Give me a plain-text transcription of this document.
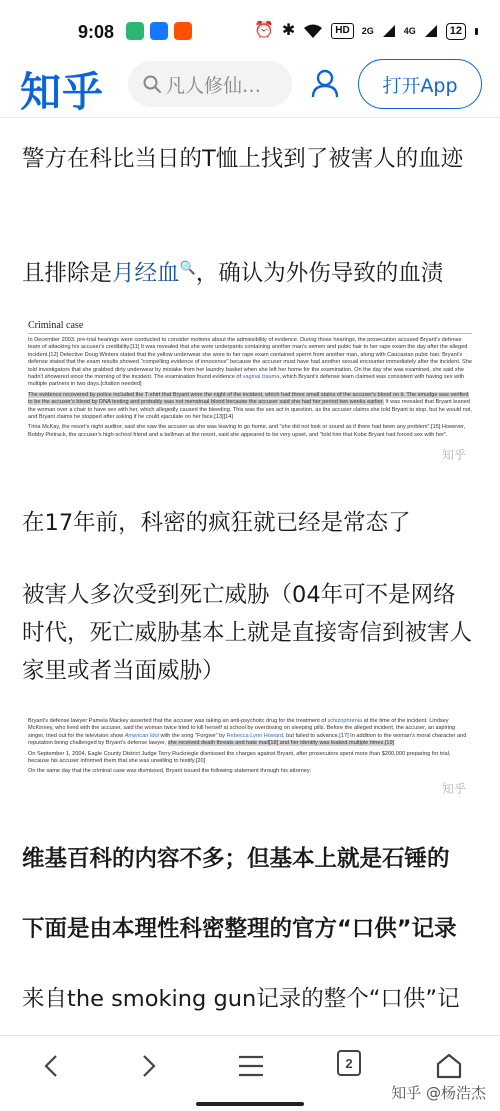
9:08	⏰ ✱	HD	2G	4G	12
知乎	凡人修仙…	打开App

警方在科比当日的T恤上找到了被害人的血迹

且排除是月经血🔍，确认为外伤导致的血渍

Criminal case

In December 2003, pre-trial hearings were conducted to consider motions about the admissibility of evidence. During those hearings, the prosecution accused Bryant's defense team of attacking his accuser's credibility.[11] It was revealed that she wore underpants containing another man's semen and pubic hair to her rape exam the day after the alleged incident.[12] Detective Doug Winters stated that the yellow underwear she wore to her rape exam contained sperm from another man, along with Caucasian pubic hair. Bryant's defense stated that the exam results showed "compelling evidence of innocence" because the accuser must have had another sexual encounter immediately after the incident. She told investigators that she grabbed dirty underwear by mistake from her laundry basket when she left her home for the examination. On the day she was examined, she said she hadn't showered since the morning of the incident. The examination found evidence of vaginal trauma, which Bryant's defense team claimed was consistent with having sex with multiple partners in two days.[citation needed]

The evidence recovered by police included the T-shirt that Bryant wore the night of the incident, which had three small stains of the accuser's blood on it. The smudge was verified to be the accuser's blood by DNA testing and probably was not menstrual blood because the accuser said she had her period two weeks earlier. It was revealed that Bryant leaned the woman over a chair to have sex with her, which allegedly caused the bleeding. This was the sex act in question, as the accuser claims she told Bryant to stop, but he would not, and Bryant claims he stopped after asking if he could ejaculate on her face.[13][14]

Trina McKay, the resort's night auditor, said she saw the accuser as she was leaving to go home, and "she did not look or sound as if there had been any problem".[15] However, Bobby Pietrack, the accuser's high-school friend and a bellman at the resort, said she appeared to be very upset, and "told him that Kobe Bryant had forced sex with her".

知乎

在17年前，科密的疯狂就已经是常态了

被害人多次受到死亡威胁（04年可不是网络时代，死亡威胁基本上就是直接寄信到被害人家里或者当面威胁）

Bryant's defense lawyer Pamela Mackey asserted that the accuser was taking an anti-psychotic drug for the treatment of schizophrenia at the time of the incident. Lindsey McKinney, who lived with the accuser, said the woman twice tried to kill herself at school by overdosing on sleeping pills. Before the alleged incident, the accuser, an aspiring singer, tried out for the television show American Idol with the song "Forgive" by Rebecca Lynn Howard, but failed to advance.[17] In addition to the woman's moral character and reputation being challenged by Bryant's defense lawyer, she received death threats and hate mail[18] and her identity was leaked multiple times.[19]

On September 1, 2004, Eagle County District Judge Terry Ruckriegle dismissed the charges against Bryant, after prosecutors spent more than $200,000 preparing for trial, because his accuser informed them that she was unwilling to testify.[20]

On the same day that the criminal case was dismissed, Bryant issued the following statement through his attorney:

知乎

维基百科的内容不多；但基本上就是石锤的

下面是由本理性科密整理的官方“口供”记录

来自the smoking gun记录的整个“口供”记

2
知乎 @杨浩杰
